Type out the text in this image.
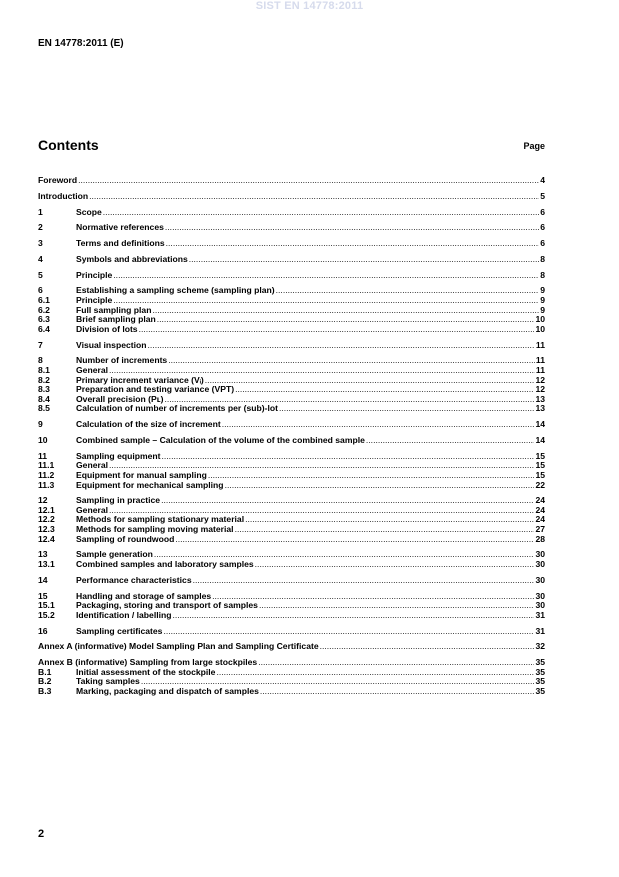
SIST EN 14778:2011
EN 14778:2011 (E)
Contents	Page
Foreword .....	4
Introduction .....	5
1	Scope .....	6
2	Normative references .....	6
3	Terms and definitions .....	6
4	Symbols and abbreviations .....	8
5	Principle .....	8
6	Establishing a sampling scheme (sampling plan) .....	9
6.1	Principle .....	9
6.2	Full sampling plan .....	9
6.3	Brief sampling plan .....	10
6.4	Division of lots .....	10
7	Visual inspection .....	11
8	Number of increments .....	11
8.1	General .....	11
8.2	Primary increment variance (Vᵢ) .....	12
8.3	Preparation and testing variance (VPT) .....	12
8.4	Overall precision (Pʟ) .....	13
8.5	Calculation of number of increments per (sub)-lot .....	13
9	Calculation of the size of increment .....	14
10	Combined sample – Calculation of the volume of the combined sample .....	14
11	Sampling equipment .....	15
11.1	General .....	15
11.2	Equipment for manual sampling .....	15
11.3	Equipment for mechanical sampling .....	22
12	Sampling in practice .....	24
12.1	General .....	24
12.2	Methods for sampling stationary material .....	24
12.3	Methods for sampling moving material .....	27
12.4	Sampling of roundwood .....	28
13	Sample generation .....	30
13.1	Combined samples and laboratory samples .....	30
14	Performance characteristics .....	30
15	Handling and storage of samples .....	30
15.1	Packaging, storing and transport of samples .....	30
15.2	Identification / labelling .....	31
16	Sampling certificates .....	31
Annex A (informative) Model Sampling Plan and Sampling Certificate .....	32
Annex B (informative) Sampling from large stockpiles .....	35
B.1	Initial assessment of the stockpile .....	35
B.2	Taking samples .....	35
B.3	Marking, packaging and dispatch of samples .....	35
2
